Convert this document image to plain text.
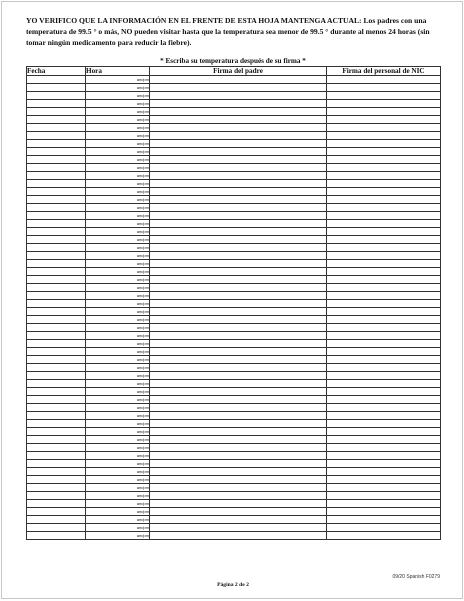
YO VERIFICO QUE LA INFORMACIÓN EN EL FRENTE DE ESTA HOJA MANTENGA ACTUAL: Los padres con una temperatura de 99.5 ° o más, NO pueden visitar hasta que la temperatura sea menor de 99.5 ° durante al menos 24 horas (sin tomar ningún medicamento para reducir la fiebre).
* Escriba su temperatura después de su firma *
Fecha	Hora	Firma del padre	Firma del personal de NIC
	am/pm		
	am/pm		
	am/pm		
	am/pm		
	am/pm		
	am/pm		
	am/pm		
	am/pm		
	am/pm		
	am/pm		
	am/pm		
	am/pm		
	am/pm		
	am/pm		
	am/pm		
	am/pm		
	am/pm		
	am/pm		
	am/pm		
	am/pm		
	am/pm		
	am/pm		
	am/pm		
	am/pm		
	am/pm		
	am/pm		
	am/pm		
	am/pm		
	am/pm		
	am/pm		
	am/pm		
	am/pm		
	am/pm		
	am/pm		
	am/pm		
	am/pm		
	am/pm		
	am/pm		
	am/pm		
	am/pm		
	am/pm		
	am/pm		
	am/pm		
	am/pm		
	am/pm		
	am/pm		
	am/pm		
	am/pm		
	am/pm		
	am/pm		
	am/pm		
	am/pm		
	am/pm		
	am/pm		
	am/pm		
	am/pm		
	am/pm		
	am/pm		
09/20 Spanish F0279
Página 2 de 2
